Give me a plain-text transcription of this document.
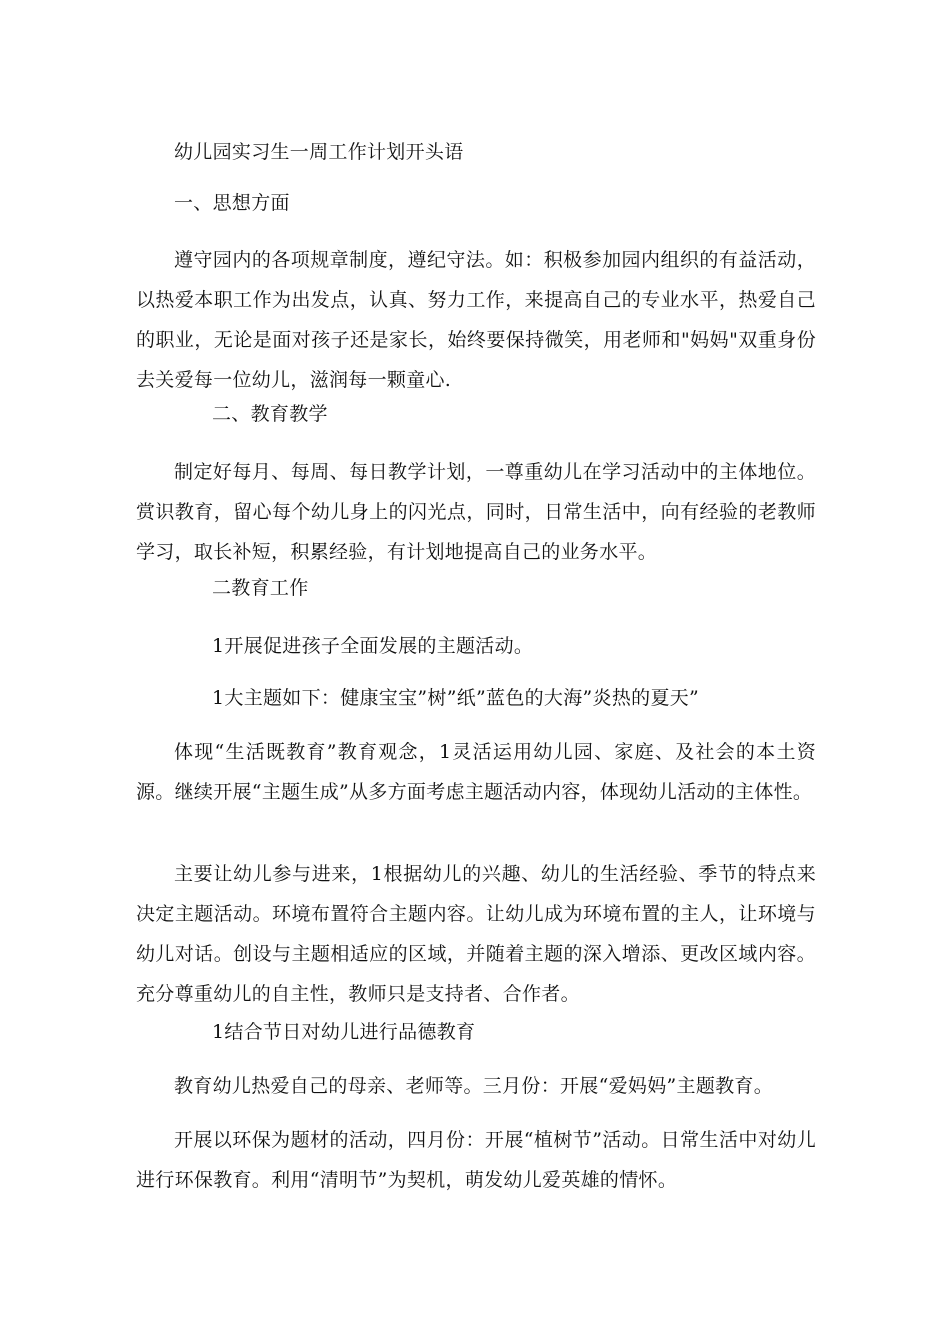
幼儿园实习生一周工作计划开头语

一、思想方面

遵守园内的各项规章制度，遵纪守法。如：积极参加园内组织的有益活动，以热爱本职工作为出发点，认真、努力工作，来提高自己的专业水平，热爱自己的职业，无论是面对孩子还是家长，始终要保持微笑，用老师和"妈妈"双重身份去关爱每一位幼儿，滋润每一颗童心.

二、教育教学

制定好每月、每周、每日教学计划，一尊重幼儿在学习活动中的主体地位。赏识教育，留心每个幼儿身上的闪光点，同时，日常生活中，向有经验的老教师学习，取长补短，积累经验，有计划地提高自己的业务水平。

二教育工作

1开展促进孩子全面发展的主题活动。

1大主题如下：健康宝宝”树”纸”蓝色的大海”炎热的夏天”

体现“生活既教育”教育观念，1灵活运用幼儿园、家庭、及社会的本土资源。继续开展“主题生成”从多方面考虑主题活动内容，体现幼儿活动的主体性。

主要让幼儿参与进来，1根据幼儿的兴趣、幼儿的生活经验、季节的特点来决定主题活动。环境布置符合主题内容。让幼儿成为环境布置的主人，让环境与幼儿对话。创设与主题相适应的区域，并随着主题的深入增添、更改区域内容。充分尊重幼儿的自主性，教师只是支持者、合作者。

1结合节日对幼儿进行品德教育

教育幼儿热爱自己的母亲、老师等。三月份：开展“爱妈妈”主题教育。

开展以环保为题材的活动，四月份：开展“植树节”活动。日常生活中对幼儿进行环保教育。利用“清明节”为契机，萌发幼儿爱英雄的情怀。
